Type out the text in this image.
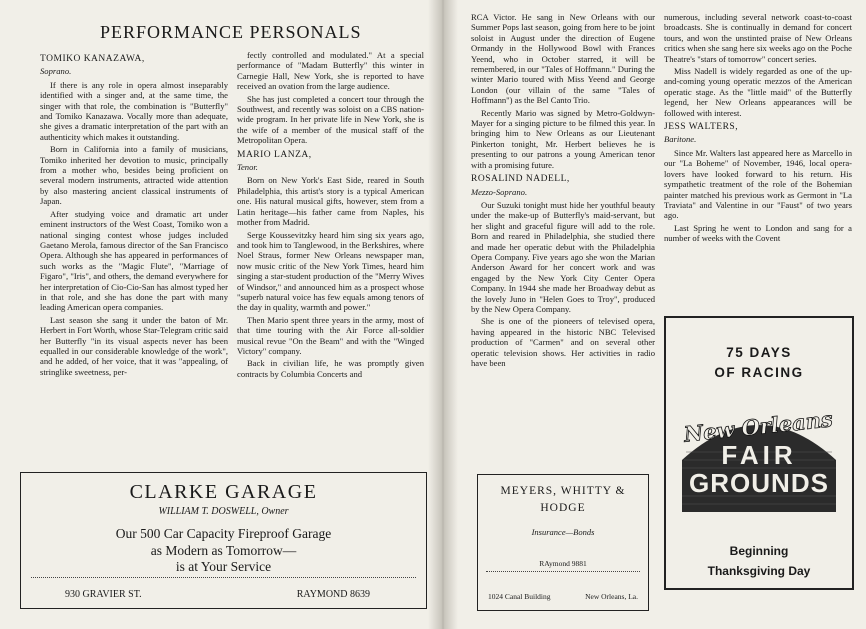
PERFORMANCE PERSONALS

TOMIKO KANAZAWA,

Soprano.

If there is any role in opera almost inseparably identified with a singer and, at the same time, the singer with that role, the combination is "Butterfly" and Tomiko Kanazawa. Vocally more than adequate, she gives a dramatic interpretation of the part with an authenticity which makes it outstanding.

Born in California into a family of musicians, Tomiko inherited her devotion to music, principally from a mother who, besides being proficient on several modern instruments, attracted wide attention by also mastering ancient classical instruments of Japan.

After studying voice and dramatic art under eminent instructors of the West Coast, Tomiko won a national singing contest whose judges included Gaetano Merola, famous director of the San Francisco Opera. Although she has appeared in performances of such works as the "Magic Flute", "Marriage of Figaro", "Iris", and others, the demand everywhere for her interpretation of Cio-Cio-San has almost typed her in that role, and she has done the part with many leading American opera companies.

Last season she sang it under the baton of Mr. Herbert in Fort Worth, whose Star-Telegram critic said her Butterfly "in its visual aspects never has been equalled in our considerable knowledge of the work", and he added, of her voice, that it was "appealing, of stringlike sweetness, per-

fectly controlled and modulated." At a special performance of "Madam Butterfly" this winter in Carnegie Hall, New York, she is reported to have received an ovation from the large audience.

She has just completed a concert tour through the Southwest, and recently was soloist on a CBS nation-wide program. In her private life in New York, she is the wife of a member of the musical staff of the Metropolitan Opera.

MARIO LANZA,

Tenor.

Born on New York's East Side, reared in South Philadelphia, this artist's story is a typical American one. His natural musical gifts, however, stem from a Latin heritage—his father came from Naples, his mother from Madrid.

Serge Koussevitzky heard him sing six years ago, and took him to Tanglewood, in the Berkshires, where Noel Straus, former New Orleans newspaper man, now music critic of the New York Times, heard him singing a star-student production of the "Merry Wives of Windsor," and announced him as a prospect whose "superb natural voice has few equals among tenors of the day in quality, warmth and power."

Then Mario spent three years in the army, most of that time touring with the Air Force all-soldier musical revue "On the Beam" and with the "Winged Victory" company.

Back in civilian life, he was promptly given contracts by Columbia Concerts and

RCA Victor. He sang in New Orleans with our Summer Pops last season, going from here to be joint soloist in August under the direction of Eugene Ormandy in the Hollywood Bowl with Frances Yeend, who in October starred, it will be remembered, in our "Tales of Hoffmann." During the winter Mario toured with Miss Yeend and George London (our villain of the same "Tales of Hoffmann") as the Bel Canto Trio.

Recently Mario was signed by Metro-Goldwyn-Mayer for a singing picture to be filmed this year. In bringing him to New Orleans as our Lieutenant Pinkerton tonight, Mr. Herbert believes he is presenting to our patrons a young American tenor with a promising future.

ROSALIND NADELL,

Mezzo-Soprano.

Our Suzuki tonight must hide her youthful beauty under the make-up of Butterfly's maid-servant, but her slight and graceful figure will add to the role. Born and reared in Philadelphia, she studied there and made her operatic debut with the Philadelphia Opera Company. Five years ago she won the Marian Anderson Award for her concert work and was engaged by the New York City Center Opera Company. In 1944 she made her Broadway debut as the lovely Juno in "Helen Goes to Troy", produced by the New Opera Company.

She is one of the pioneers of televised opera, having appeared in the historic NBC Televised production of "Carmen" and on several other operatic television shows. Her activities in radio have been

numerous, including several network coast-to-coast broadcasts. She is continually in demand for concert tours, and won the unstinted praise of New Orleans critics when she sang here six weeks ago on the Poche Theatre's "stars of tomorrow" concert series.

Miss Nadell is widely regarded as one of the up-and-coming young operatic mezzos of the American operatic stage. As the "little maid" of the Butterfly legend, her New Orleans appearances will be followed with interest.

JESS WALTERS,

Baritone.

Since Mr. Walters last appeared here as Marcello in our "La Boheme" of November, 1946, local opera-lovers have looked forward to his return. His sympathetic treatment of the role of the Bohemian painter matched his previous work as Germont in "La Traviata" and Valentine in our "Faust" of two years ago.

Last Spring he went to London and sang for a number of weeks with the Covent

CLARKE GARAGE
WILLIAM T. DOSWELL, Owner
Our 500 Car Capacity Fireproof Garage
as Modern as Tomorrow—
is at Your Service
930 GRAVIER ST.	RAYMOND 8639
MEYERS, WHITTY &
HODGE
Insurance—Bonds
RAymond 9881
1024 Canal Building	New Orleans, La.
75 DAYS
OF RACING
New Orleans
FAIR
GROUNDS
Beginning
Thanksgiving Day
